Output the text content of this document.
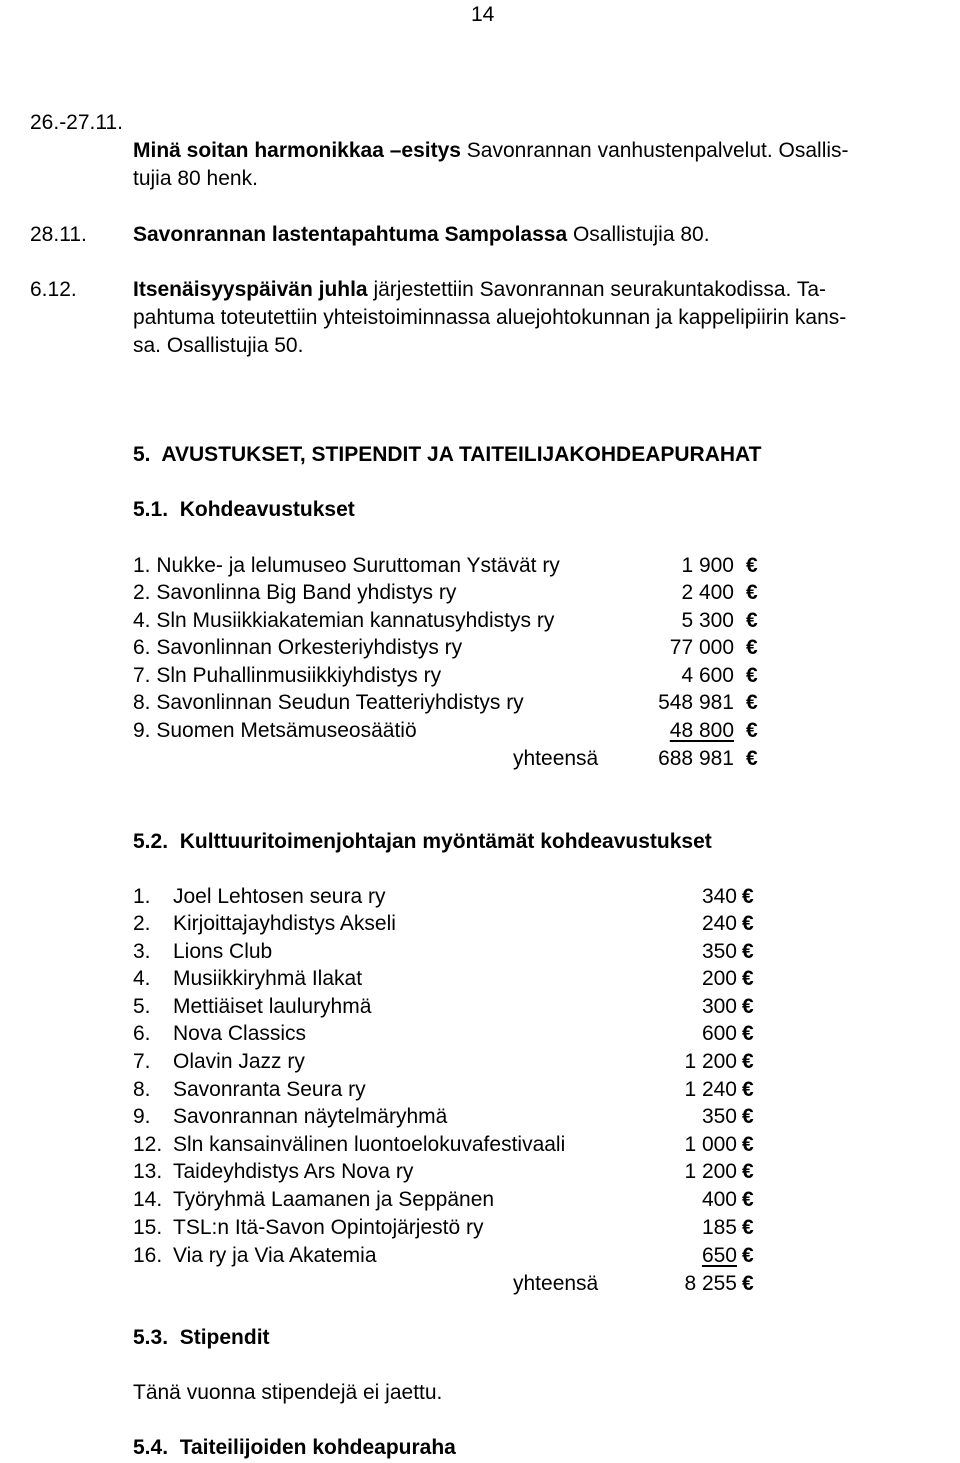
14
26.-27.11.
Minä soitan harmonikkaa –esitys Savonrannan vanhustenpalvelut. Osallis-
tujia 80 henk.
28.11. Savonrannan lastentapahtuma Sampolassa Osallistujia 80.
6.12.	Itsenäisyyspäivän juhla järjestettiin Savonrannan seurakuntakodissa. Ta-
pahtuma toteutettiin yhteistoiminnassa aluejohtokunnan ja kappelipiirin kans-
sa. Osallistujia 50.
5.  AVUSTUKSET, STIPENDIT JA TAITEILIJAKOHDEAPURAHAT
5.1.  Kohdeavustukset
1. Nukke- ja lelumuseo Suruttoman Ystävät ry	1 900 €
2. Savonlinna Big Band yhdistys ry	2 400 €
4. Sln Musiikkiakatemian kannatusyhdistys ry	5 300 €
6. Savonlinnan Orkesteriyhdistys ry	77 000 €
7. Sln Puhallinmusiikkiyhdistys ry	4 600 €
8. Savonlinnan Seudun Teatteriyhdistys ry	548 981 €
9. Suomen Metsämuseosäätiö	48 800 €
yhteensä	688 981 €
5.2.  Kulttuuritoimenjohtajan myöntämät kohdeavustukset
1. Joel Lehtosen seura ry	340 €
2. Kirjoittajayhdistys Akseli	240 €
3. Lions Club	350 €
4. Musiikkiryhmä Ilakat	200 €
5. Mettiäiset lauluryhmä	300 €
6. Nova Classics	600 €
7. Olavin Jazz ry	1 200 €
8. Savonranta Seura ry	1 240 €
9. Savonrannan näytelmäryhmä	350 €
12. Sln kansainvälinen luontoelokuvafestivaali	1 000 €
13. Taideyhdistys Ars Nova ry	1 200 €
14. Työryhmä Laamanen ja Seppänen	400 €
15. TSL:n Itä-Savon Opintojärjestö ry	185 €
16. Via ry ja Via Akatemia	650 €
yhteensä	8 255 €
5.3.  Stipendit
Tänä vuonna stipendejä ei jaettu.
5.4.  Taiteilijoiden kohdeapuraha
